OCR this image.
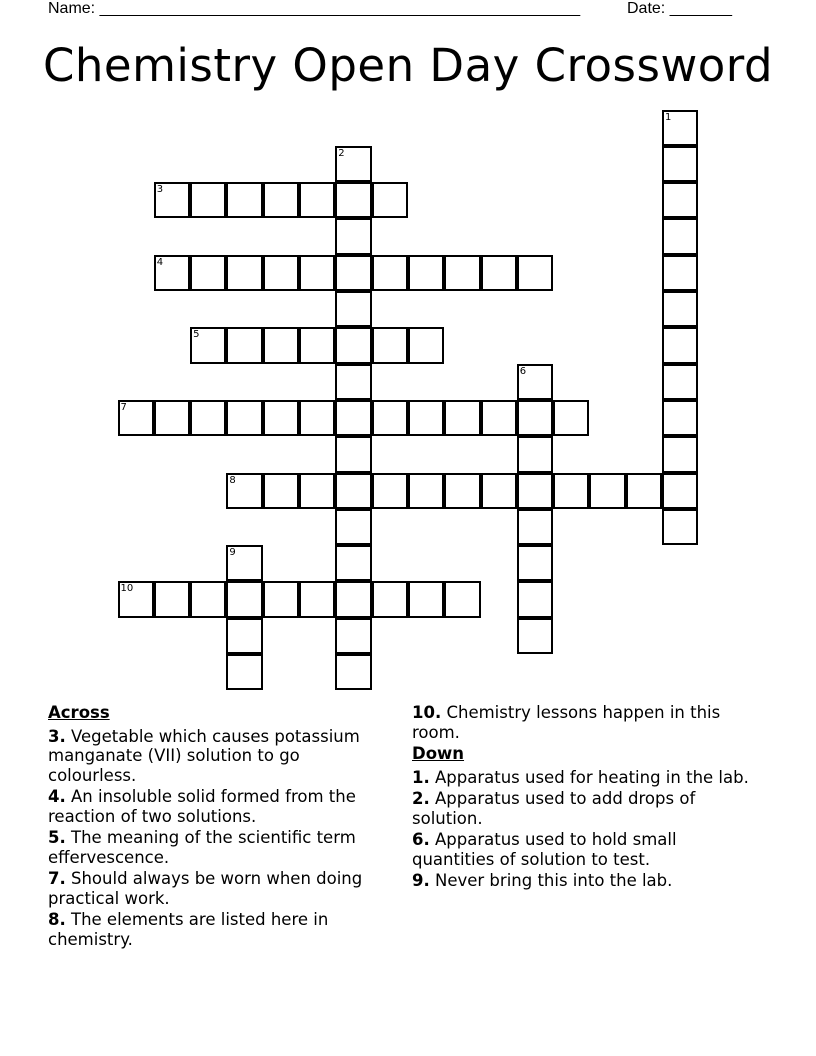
Name: ______________________________________________________	Date: _______
Chemistry Open Day Crossword
1
2
3
4
5
6
7
8
9
10
Across
3. Vegetable which causes potassium manganate (VII) solution to go colourless.
4. An insoluble solid formed from the reaction of two solutions.
5. The meaning of the scientific term effervescence.
7. Should always be worn when doing practical work.
8. The elements are listed here in chemistry.
10. Chemistry lessons happen in this room.
Down
1. Apparatus used for heating in the lab.
2. Apparatus used to add drops of solution.
6. Apparatus used to hold small quantities of solution to test.
9. Never bring this into the lab.
